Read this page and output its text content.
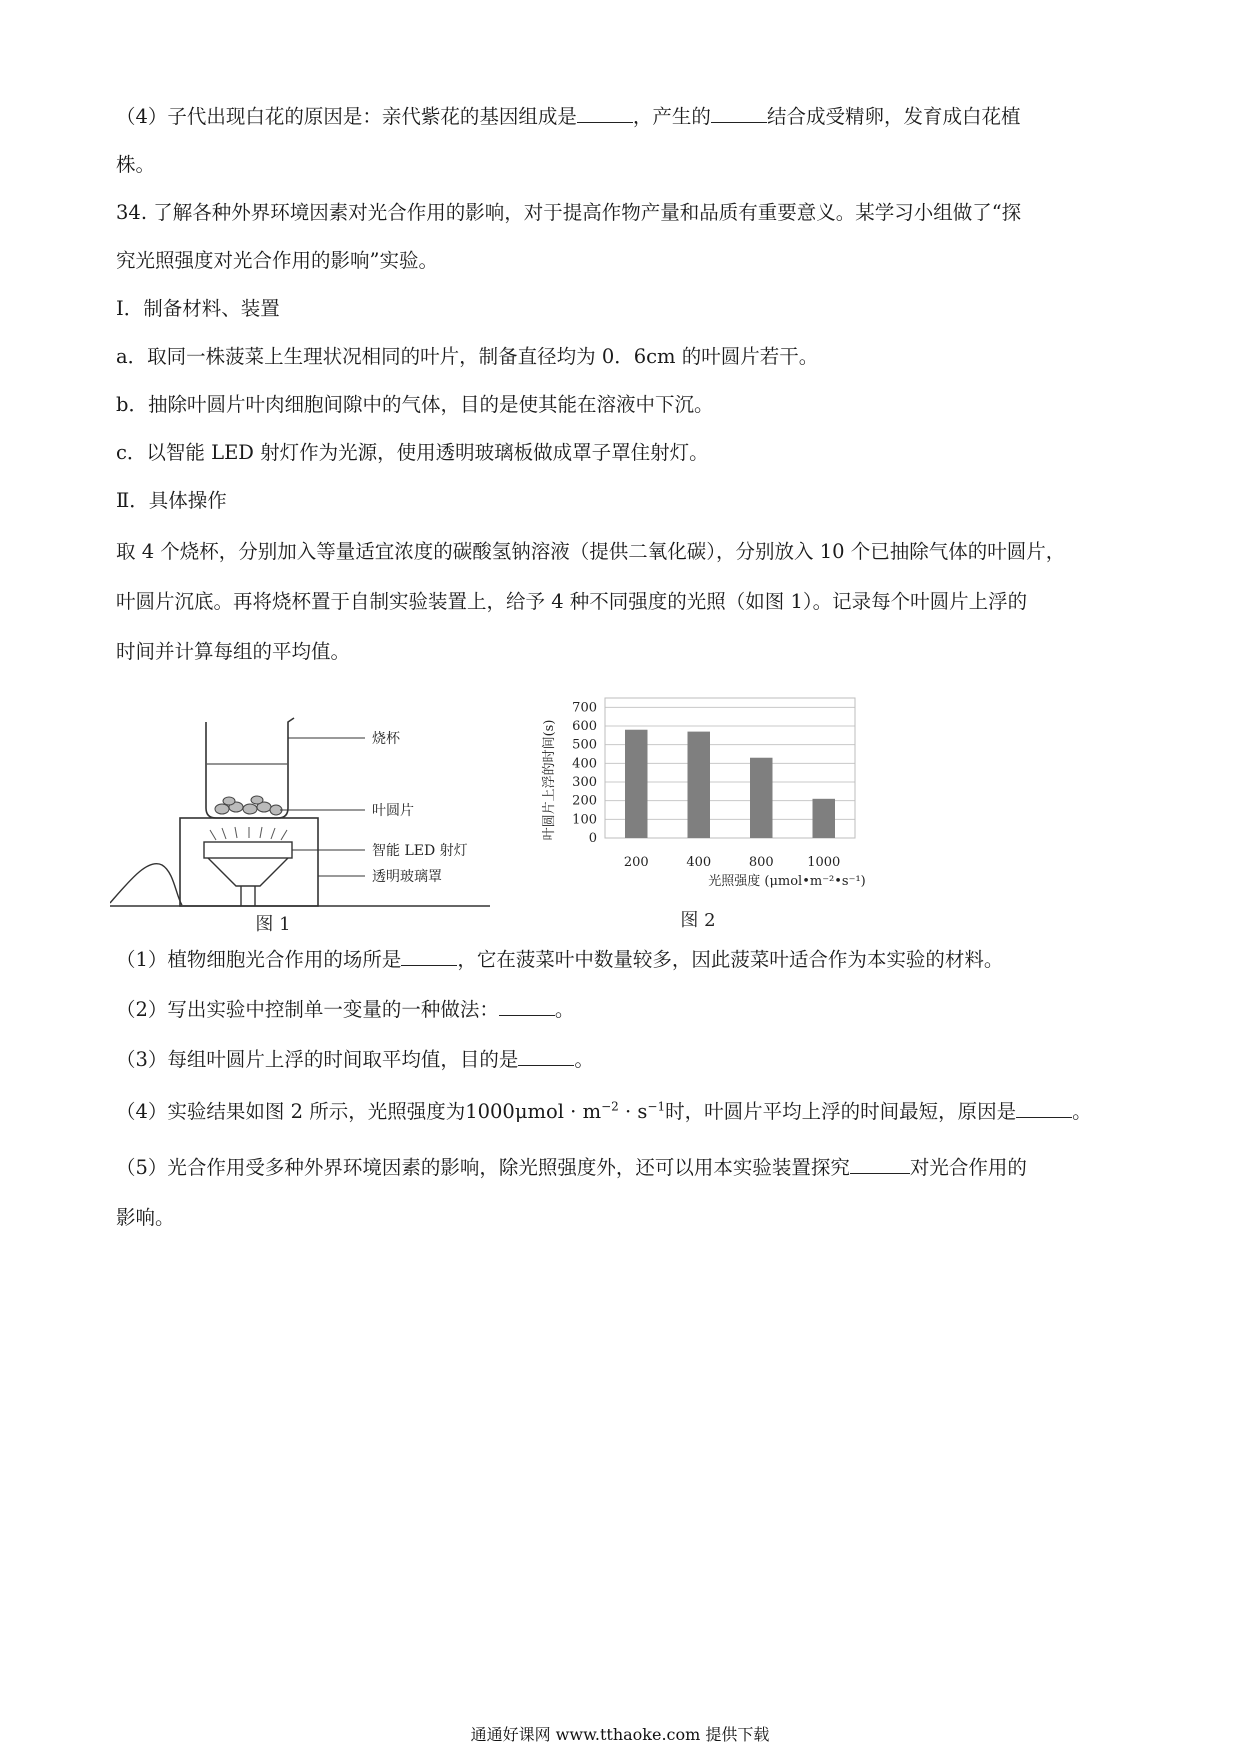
（4）子代出现白花的原因是：亲代紫花的基因组成是	，产生的	结合成受精卵，发育成白花植
株。
34. 了解各种外界环境因素对光合作用的影响，对于提高作物产量和品质有重要意义。某学习小组做了“探
究光照强度对光合作用的影响”实验。
Ⅰ．制备材料、装置
a．取同一株菠菜上生理状况相同的叶片，制备直径均为 0．6cm 的叶圆片若干。
b．抽除叶圆片叶肉细胞间隙中的气体，目的是使其能在溶液中下沉。
c．以智能 LED 射灯作为光源，使用透明玻璃板做成罩子罩住射灯。
Ⅱ．具体操作
取 4 个烧杯，分别加入等量适宜浓度的碳酸氢钠溶液（提供二氧化碳），分别放入 10 个已抽除气体的叶圆片，
叶圆片沉底。再将烧杯置于自制实验装置上，给予 4 种不同强度的光照（如图 1）。记录每个叶圆片上浮的
时间并计算每组的平均值。
烧杯
叶圆片
智能 LED 射灯
透明玻璃罩
图 1
叶圆片上浮的时间(s)
光照强度 (μmol•m⁻²•s⁻¹)
图 2
0
100
200
300
400
500
600
700
200	400	800	1000
（1）植物细胞光合作用的场所是	，它在菠菜叶中数量较多，因此菠菜叶适合作为本实验的材料。
（2）写出实验中控制单一变量的一种做法：	。
（3）每组叶圆片上浮的时间取平均值，目的是	。
（4）实验结果如图 2 所示，光照强度为$1000\mu mol \cdot m^{-2} \cdot s^{-1}$时，叶圆片平均上浮的时间最短，原因是	。
（5）光合作用受多种外界环境因素的影响，除光照强度外，还可以用本实验装置探究	对光合作用的
影响。
通通好课网 www.tthaoke.com 提供下载
